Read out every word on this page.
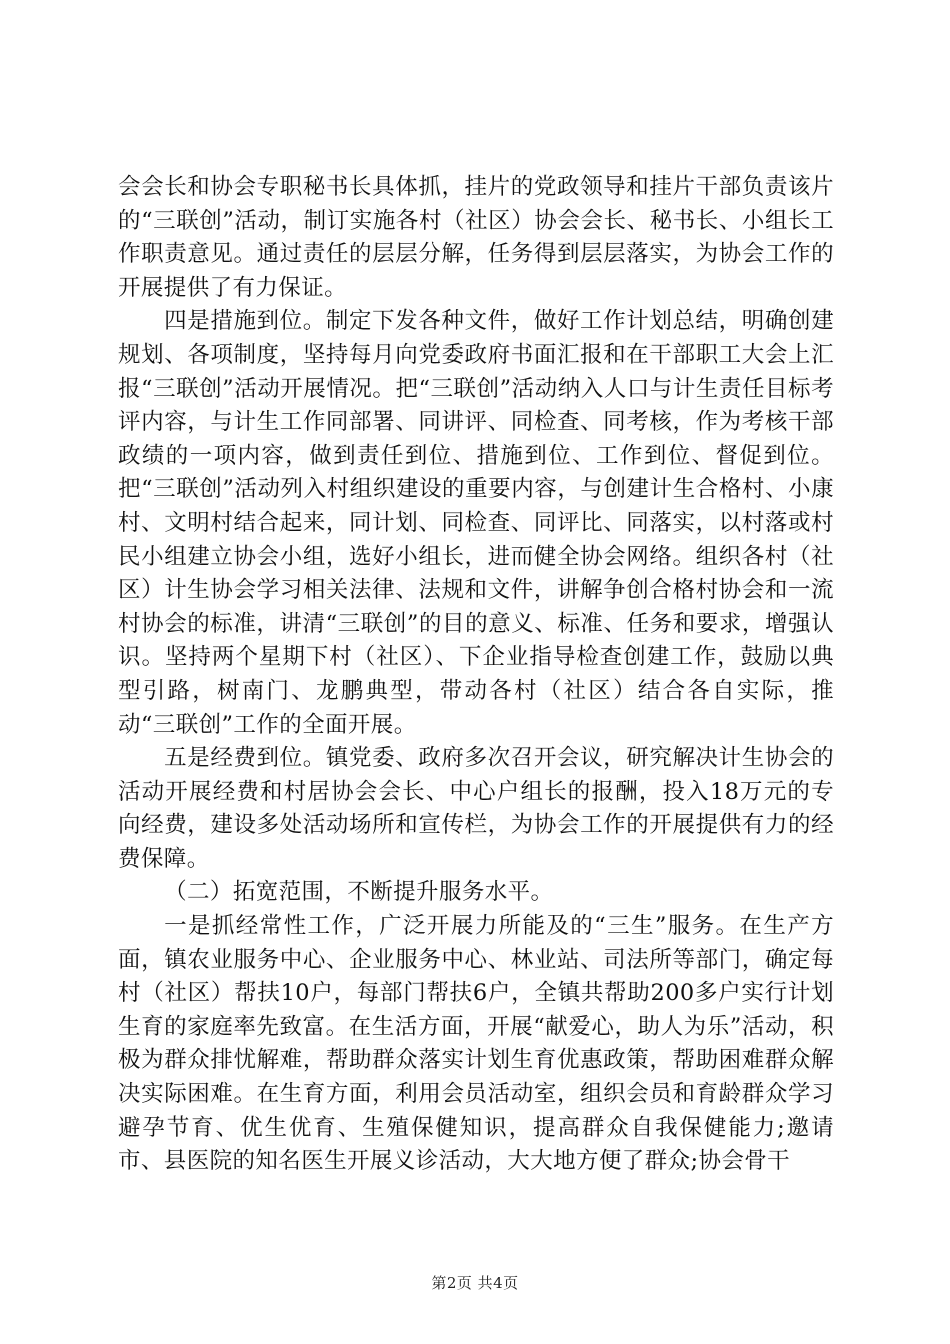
会会长和协会专职秘书长具体抓，挂片的党政领导和挂片干部负责该片的“三联创”活动，制订实施各村（社区）协会会长、秘书长、小组长工作职责意见。通过责任的层层分解，任务得到层层落实，为协会工作的开展提供了有力保证。

四是措施到位。制定下发各种文件，做好工作计划总结，明确创建规划、各项制度，坚持每月向党委政府书面汇报和在干部职工大会上汇报“三联创”活动开展情况。把“三联创”活动纳入人口与计生责任目标考评内容，与计生工作同部署、同讲评、同检查、同考核，作为考核干部政绩的一项内容，做到责任到位、措施到位、工作到位、督促到位。把“三联创”活动列入村组织建设的重要内容，与创建计生合格村、小康村、文明村结合起来，同计划、同检查、同评比、同落实，以村落或村民小组建立协会小组，选好小组长，进而健全协会网络。组织各村（社区）计生协会学习相关法律、法规和文件，讲解争创合格村协会和一流村协会的标准，讲清“三联创”的目的意义、标准、任务和要求，增强认识。坚持两个星期下村（社区）、下企业指导检查创建工作，鼓励以典型引路，树南门、龙鹏典型，带动各村（社区）结合各自实际，推动“三联创”工作的全面开展。

五是经费到位。镇党委、政府多次召开会议，研究解决计生协会的活动开展经费和村居协会会长、中心户组长的报酬，投入18万元的专向经费，建设多处活动场所和宣传栏，为协会工作的开展提供有力的经费保障。

（二）拓宽范围，不断提升服务水平。

一是抓经常性工作，广泛开展力所能及的“三生”服务。在生产方面，镇农业服务中心、企业服务中心、林业站、司法所等部门，确定每村（社区）帮扶10户，每部门帮扶6户，全镇共帮助200多户实行计划生育的家庭率先致富。在生活方面，开展“献爱心，助人为乐”活动，积极为群众排忧解难，帮助群众落实计划生育优惠政策，帮助困难群众解决实际困难。在生育方面，利用会员活动室，组织会员和育龄群众学习避孕节育、优生优育、生殖保健知识，提高群众自我保健能力;邀请市、县医院的知名医生开展义诊活动，大大地方便了群众;协会骨干

第2页 共4页
